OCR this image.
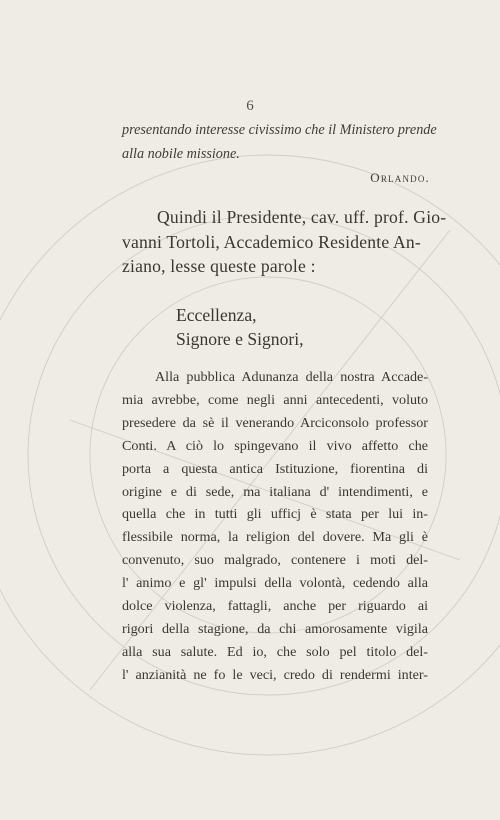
6
presentando interesse civissimo che il Ministero prende
alla nobile missione.
Orlando.
Quindi il Presidente, cav. uff. prof. Gio-
vanni Tortoli, Accademico Residente An-
ziano, lesse queste parole :
Eccellenza,
Signore e Signori,
Alla pubblica Adunanza della nostra Accade-
mia avrebbe, come negli anni antecedenti, voluto
presedere da sè il venerando Arciconsolo professor
Conti. A ciò lo spingevano il vivo affetto che
porta a questa antica Istituzione, fiorentina di
origine e di sede, ma italiana d' intendimenti, e
quella che in tutti gli ufficj è stata per lui in-
flessibile norma, la religion del dovere. Ma gli è
convenuto, suo malgrado, contenere i moti del-
l' animo e gl' impulsi della volontà, cedendo alla
dolce violenza, fattagli, anche per riguardo ai
rigori della stagione, da chi amorosamente vigila
alla sua salute. Ed io, che solo pel titolo del-
l' anzianità ne fo le veci, credo di rendermi inter-
